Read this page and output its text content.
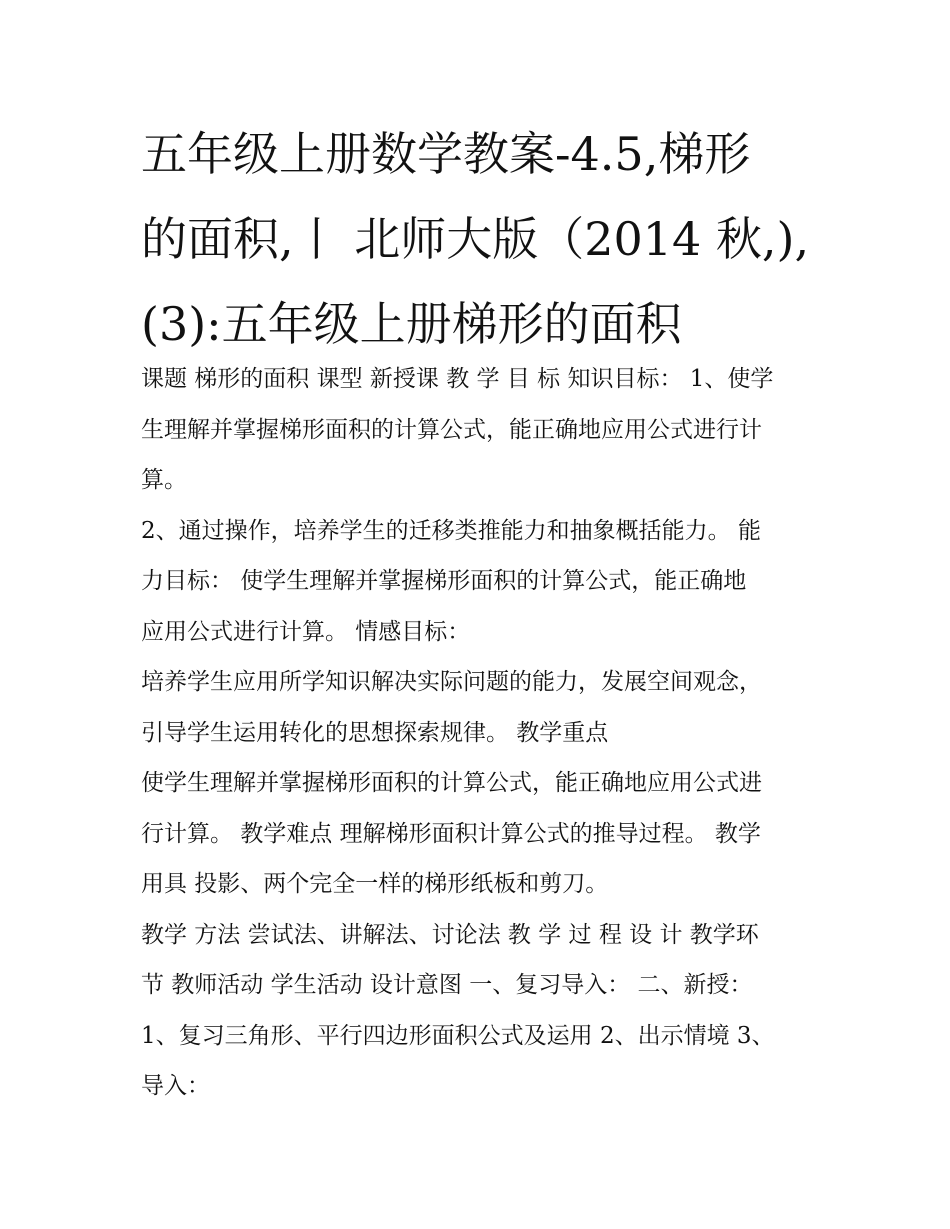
五年级上册数学教案-4.5,梯形
的面积,丨 北师大版（2014 秋,),
(3):五年级上册梯形的面积
课题 梯形的面积 课型 新授课 教 学 目 标 知识目标： 1、使学
生理解并掌握梯形面积的计算公式，能正确地应用公式进行计
算。
2、通过操作，培养学生的迁移类推能力和抽象概括能力。 能
力目标： 使学生理解并掌握梯形面积的计算公式，能正确地
应用公式进行计算。 情感目标：
培养学生应用所学知识解决实际问题的能力，发展空间观念，
引导学生运用转化的思想探索规律。 教学重点
使学生理解并掌握梯形面积的计算公式，能正确地应用公式进
行计算。 教学难点 理解梯形面积计算公式的推导过程。 教学
用具 投影、两个完全一样的梯形纸板和剪刀。
教学 方法 尝试法、讲解法、讨论法 教 学 过 程 设 计 教学环
节 教师活动 学生活动 设计意图 一、复习导入： 二、新授：
1、复习三角形、平行四边形面积公式及运用 2、出示情境 3、
导入：
